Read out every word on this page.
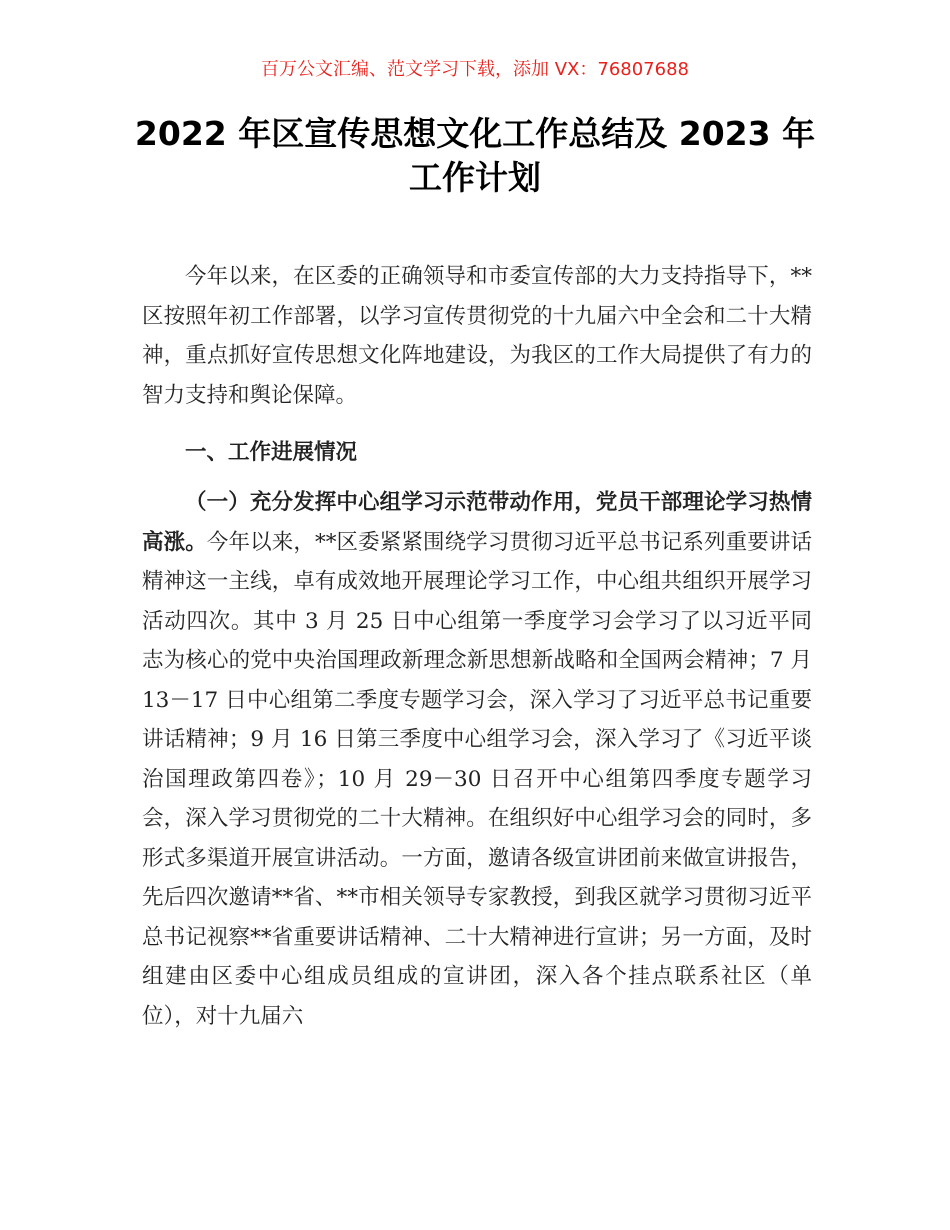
百万公文汇编、范文学习下载，添加 VX：76807688
2022 年区宣传思想文化工作总结及 2023 年工作计划

今年以来，在区委的正确领导和市委宣传部的大力支持指导下，**区按照年初工作部署，以学习宣传贯彻党的十九届六中全会和二十大精神，重点抓好宣传思想文化阵地建设，为我区的工作大局提供了有力的智力支持和舆论保障。

一、工作进展情况

（一）充分发挥中心组学习示范带动作用，党员干部理论学习热情高涨。今年以来，**区委紧紧围绕学习贯彻习近平总书记系列重要讲话精神这一主线，卓有成效地开展理论学习工作，中心组共组织开展学习活动四次。其中 3 月 25 日中心组第一季度学习会学习了以习近平同志为核心的党中央治国理政新理念新思想新战略和全国两会精神；7 月 13－17 日中心组第二季度专题学习会，深入学习了习近平总书记重要讲话精神；9 月 16 日第三季度中心组学习会，深入学习了《习近平谈治国理政第四卷》；10 月 29－30 日召开中心组第四季度专题学习会，深入学习贯彻党的二十大精神。在组织好中心组学习会的同时，多形式多渠道开展宣讲活动。一方面，邀请各级宣讲团前来做宣讲报告，先后四次邀请**省、**市相关领导专家教授，到我区就学习贯彻习近平总书记视察**省重要讲话精神、二十大精神进行宣讲；另一方面，及时组建由区委中心组成员组成的宣讲团，深入各个挂点联系社区（单位），对十九届六
